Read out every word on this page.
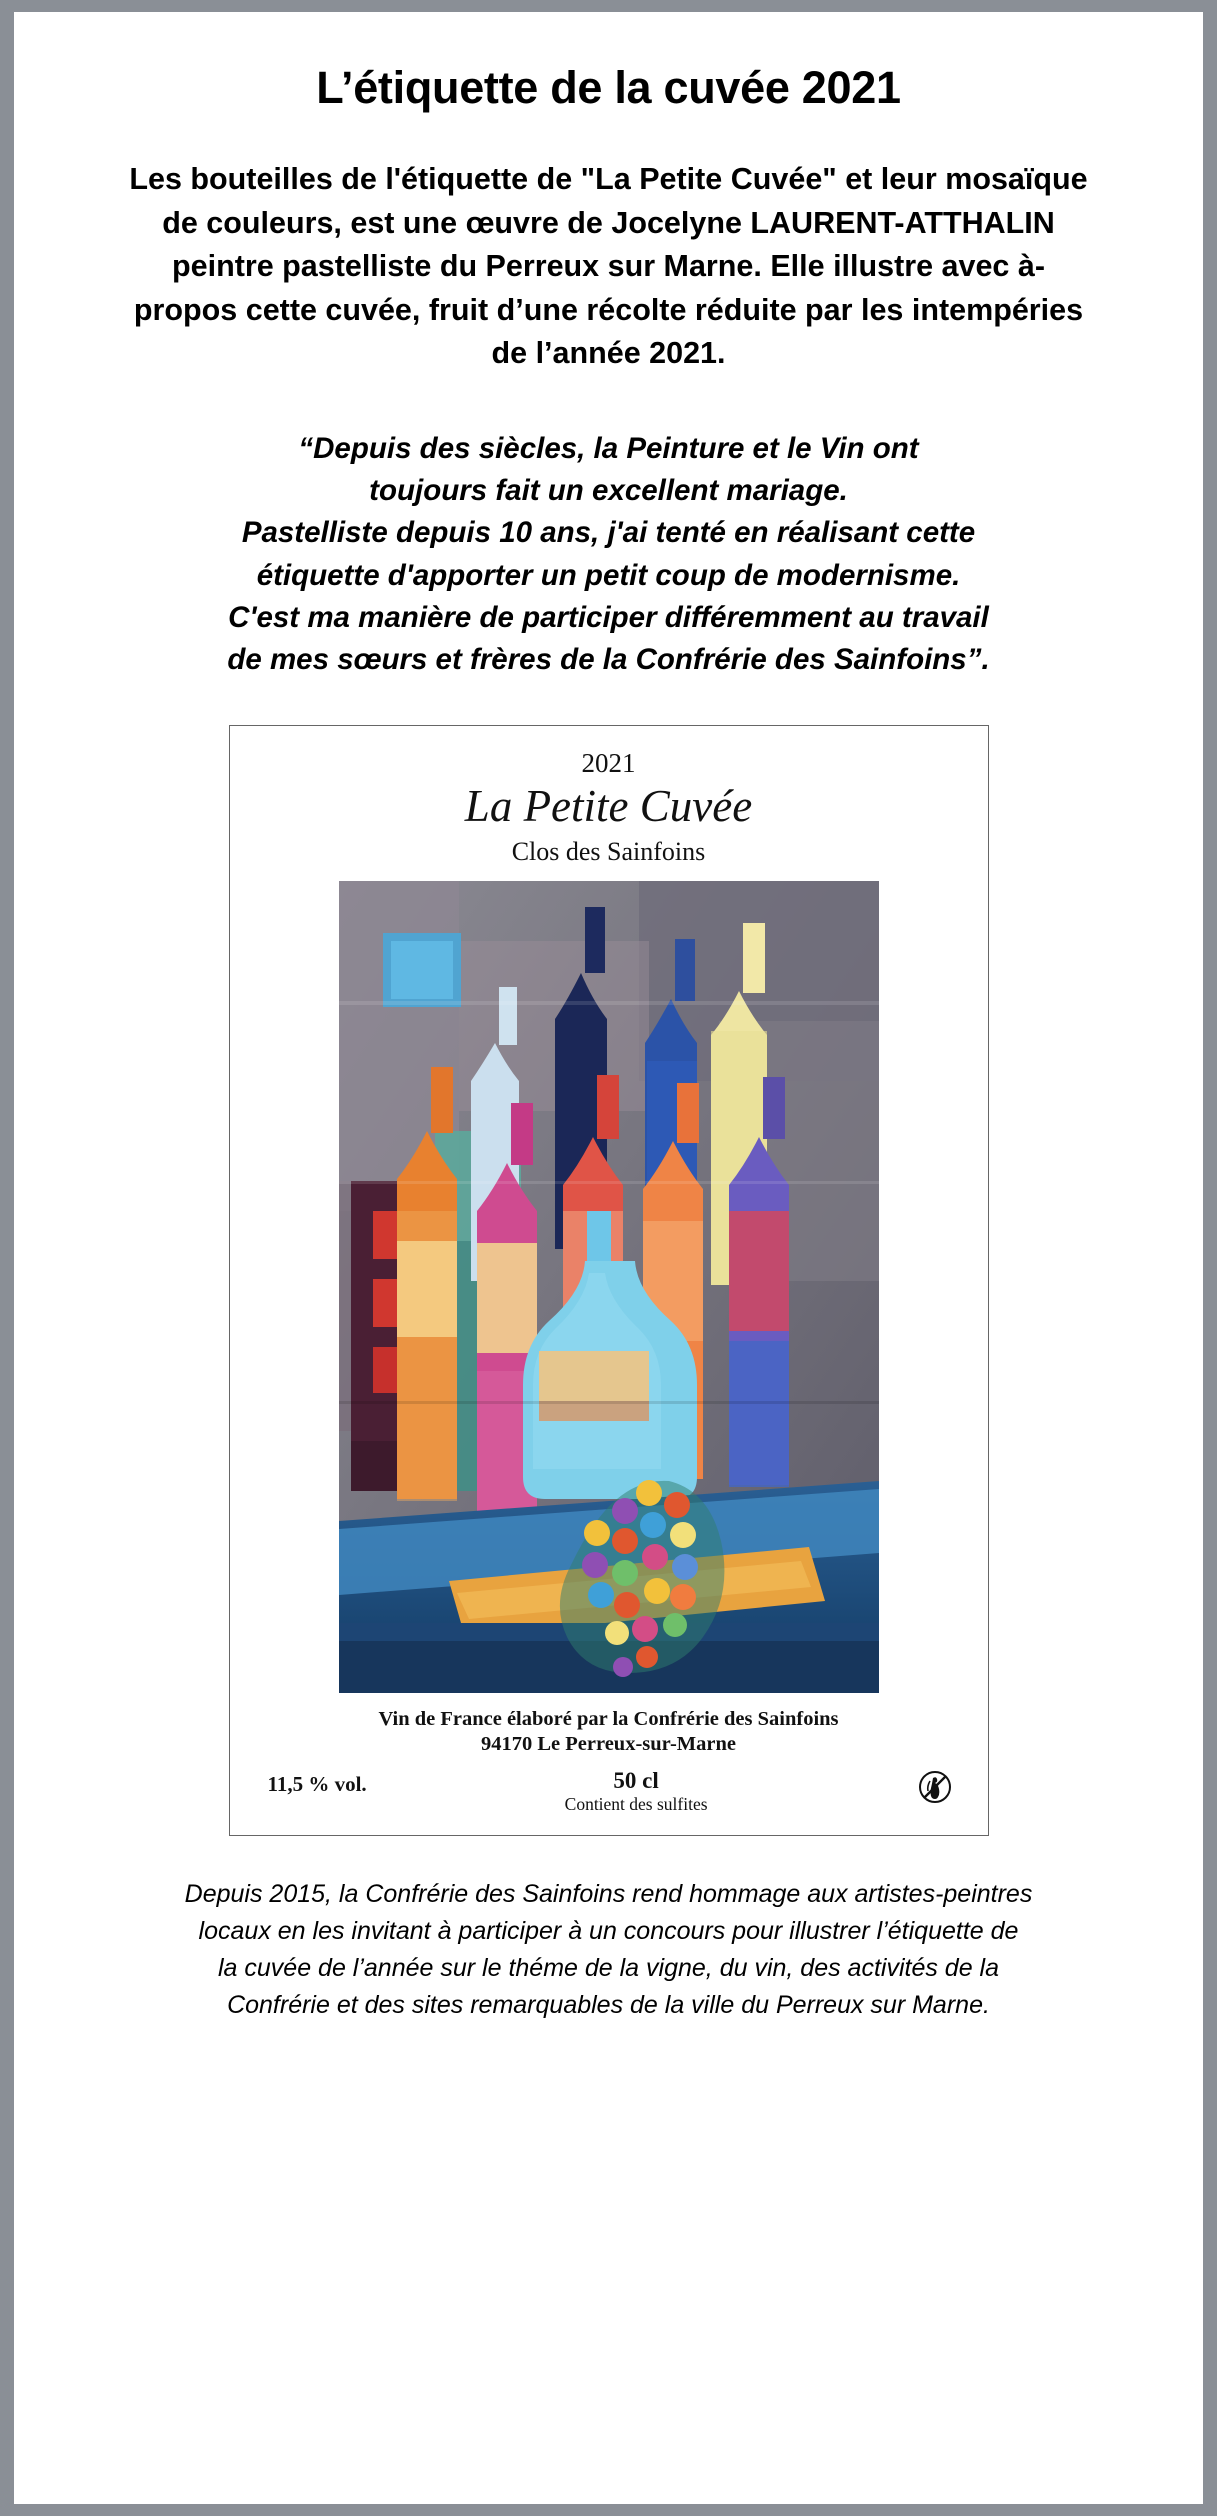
L’étiquette de la cuvée 2021

Les bouteilles de l'étiquette de "La Petite Cuvée" et leur mosaïque de couleurs, est une œuvre de Jocelyne LAURENT-ATTHALIN peintre pastelliste du Perreux sur Marne. Elle illustre avec à-propos cette cuvée, fruit d’une récolte réduite par les intempéries de l’année 2021.

“Depuis des siècles, la Peinture et le Vin ont
toujours fait un excellent mariage.
Pastelliste depuis 10 ans, j'ai tenté en réalisant cette
étiquette d'apporter un petit coup de modernisme.
C'est ma manière de participer différemment au travail
de mes sœurs et frères de la Confrérie des Sainfoins”.
2021
La Petite Cuvée
Clos des Sainfoins
Vin de France élaboré par la Confrérie des Sainfoins
94170 Le Perreux-sur-Marne
11,5 % vol.	50 cl
Contient des sulfites
Depuis 2015, la Confrérie des Sainfoins rend hommage aux artistes-peintres
locaux en les invitant à participer à un concours pour illustrer l’étiquette de
la cuvée de l’année sur le théme de la vigne, du vin, des activités de la
Confrérie et des sites remarquables de la ville du Perreux sur Marne.
